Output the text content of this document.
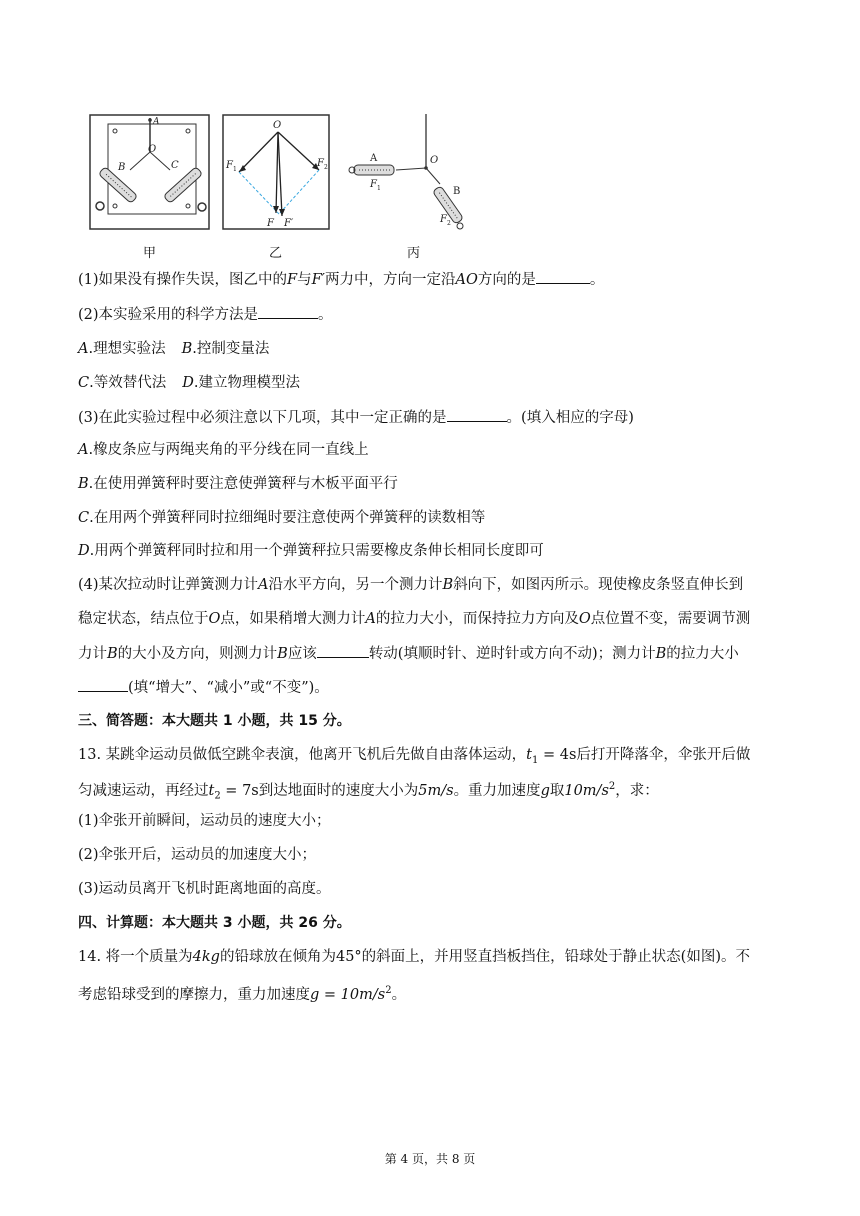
A
O
B	C
O
F 1
F 2
F F′
A
F 1
O
B
F 2
甲	乙	丙
(1)如果没有操作失误，图乙中的F与F′两力中，方向一定沿AO方向的是	。
(2)本实验采用的科学方法是	。
A.理想实验法 B.控制变量法
C.等效替代法 D.建立物理模型法
(3)在此实验过程中必须注意以下几项，其中一定正确的是	。(填入相应的字母)
A.橡皮条应与两绳夹角的平分线在同一直线上
B.在使用弹簧秤时要注意使弹簧秤与木板平面平行
C.在用两个弹簧秤同时拉细绳时要注意使两个弹簧秤的读数相等
D.用两个弹簧秤同时拉和用一个弹簧秤拉只需要橡皮条伸长相同长度即可
(4)某次拉动时让弹簧测力计A沿水平方向，另一个测力计B斜向下，如图丙所示。现使橡皮条竖直伸长到
稳定状态，结点位于O点，如果稍增大测力计A的拉力大小，而保持拉力方向及O点位置不变，需要调节测
力计B的大小及方向，则测力计B应该	转动(填顺时针、逆时针或方向不动)；测力计B的拉力大小
(填“增大”、“减小”或“不变”)。
三、简答题：本大题共 1 小题，共 15 分。
13. 某跳伞运动员做低空跳伞表演，他离开飞机后先做自由落体运动，$t_1 = 4s$后打开降落伞，伞张开后做
匀减速运动，再经过$t_2 = 7s$到达地面时的速度大小为5m/s。重力加速度g取$10m/s^2$，求：
(1)伞张开前瞬间，运动员的速度大小；
(2)伞张开后，运动员的加速度大小；
(3)运动员离开飞机时距离地面的高度。
四、计算题：本大题共 3 小题，共 26 分。
14. 将一个质量为4kg的铅球放在倾角为45°的斜面上，并用竖直挡板挡住，铅球处于静止状态(如图)。不
考虑铅球受到的摩擦力，重力加速度$g = 10m/s^2$。
第 4 页，共 8 页
